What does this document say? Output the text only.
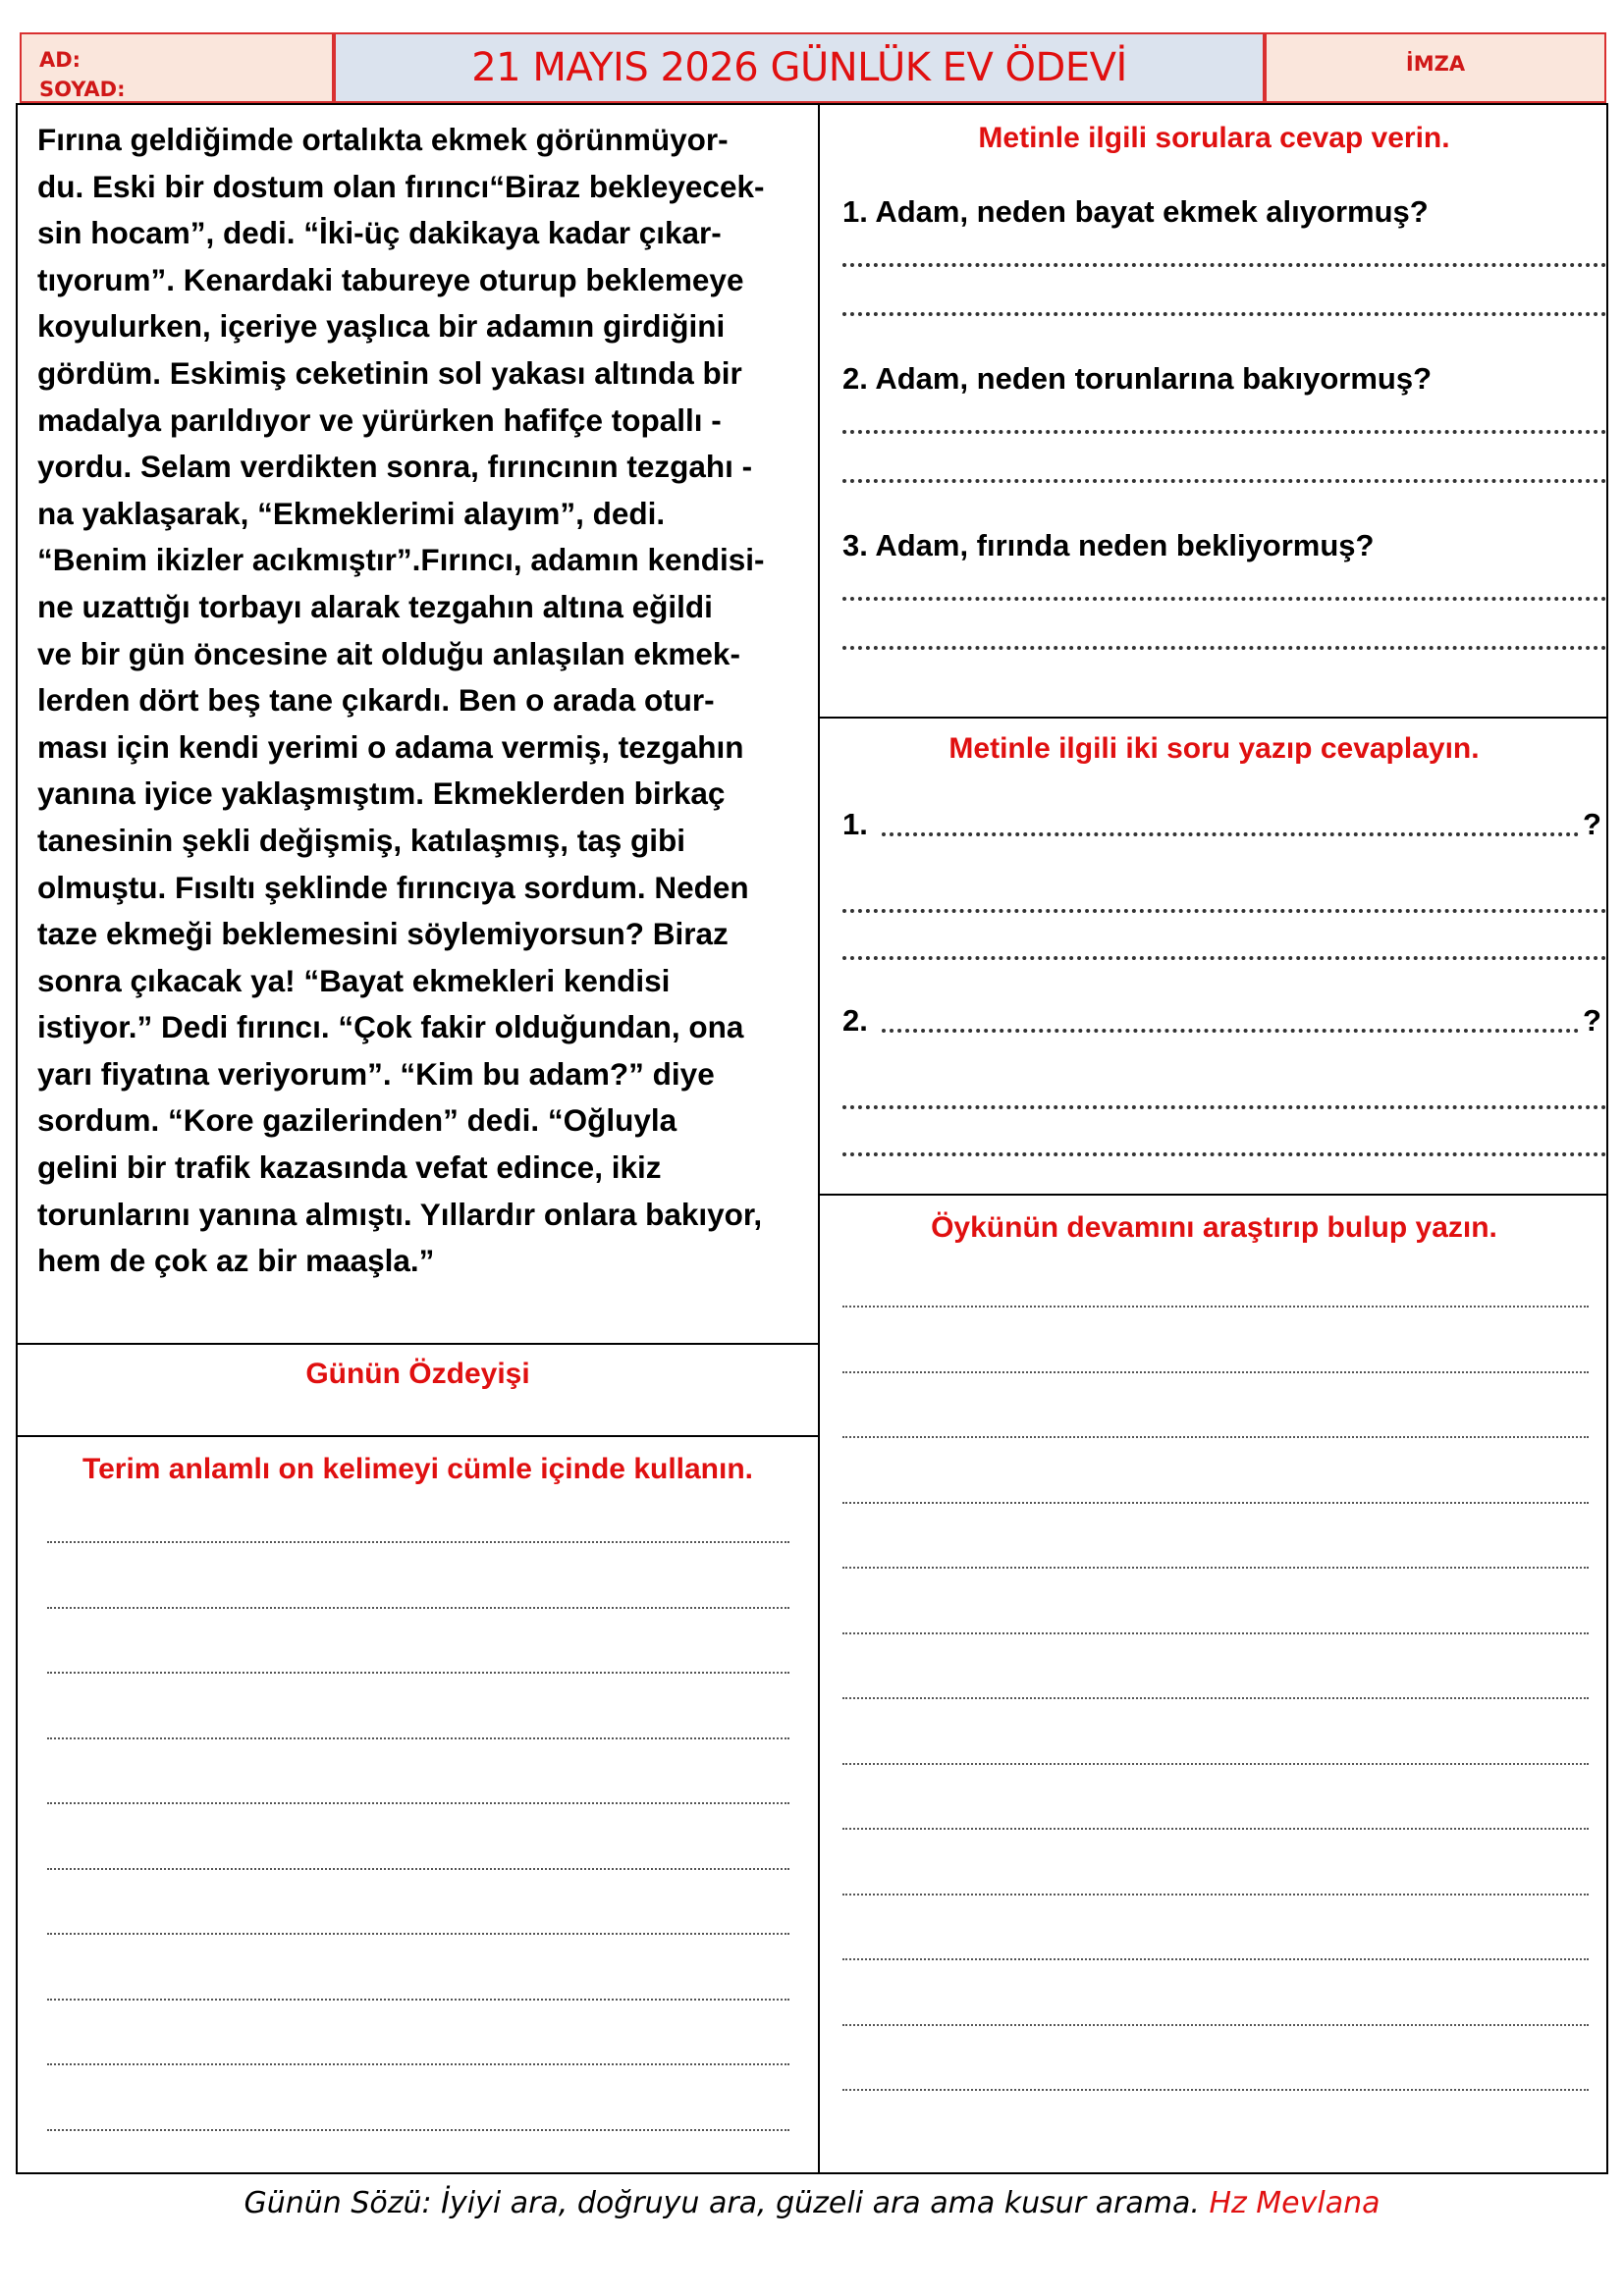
AD:
SOYAD:	21 MAYIS 2026 GÜNLÜK EV ÖDEVİ	İMZA
Fırına geldiğimde ortalıkta ekmek görünmüyor-
du. Eski bir dostum olan fırıncı“Biraz bekleyecek-
sin hocam”, dedi. “İki-üç dakikaya kadar çıkar-
tıyorum”. Kenardaki tabureye oturup beklemeye
koyulurken, içeriye yaşlıca bir adamın girdiğini
gördüm. Eskimiş ceketinin sol yakası altında bir
madalya parıldıyor ve yürürken hafifçe topallı -
yordu. Selam verdikten sonra, fırıncının tezgahı -
na yaklaşarak, “Ekmeklerimi alayım”, dedi.
“Benim ikizler acıkmıştır”.Fırıncı, adamın kendisi-
ne uzattığı torbayı alarak tezgahın altına eğildi
ve bir gün öncesine ait olduğu anlaşılan ekmek-
lerden dört beş tane çıkardı. Ben o arada otur-
ması için kendi yerimi o adama vermiş, tezgahın
yanına iyice yaklaşmıştım. Ekmeklerden birkaç
tanesinin şekli değişmiş, katılaşmış, taş gibi
olmuştu. Fısıltı şeklinde fırıncıya sordum. Neden
taze ekmeği beklemesini söylemiyorsun? Biraz
sonra çıkacak ya! “Bayat ekmekleri kendisi
istiyor.” Dedi fırıncı. “Çok fakir olduğundan, ona
yarı fiyatına veriyorum”. “Kim bu adam?” diye
sordum. “Kore gazilerinden” dedi. “Oğluyla
gelini bir trafik kazasında vefat edince, ikiz
torunlarını yanına almıştı. Yıllardır onlara bakıyor,
hem de çok az bir maaşla.”
Günün Özdeyişi
Terim anlamlı on kelimeyi cümle içinde kullanın.
Metinle ilgili sorulara cevap verin.
1. Adam, neden bayat ekmek alıyormuş?
2. Adam, neden torunlarına bakıyormuş?
3. Adam, fırında neden bekliyormuş?
Metinle ilgili iki soru yazıp cevaplayın.
1.	?
2.	?
Öykünün devamını araştırıp bulup yazın.
Günün Sözü: İyiyi ara, doğruyu ara, güzeli ara ama kusur arama. Hz Mevlana
